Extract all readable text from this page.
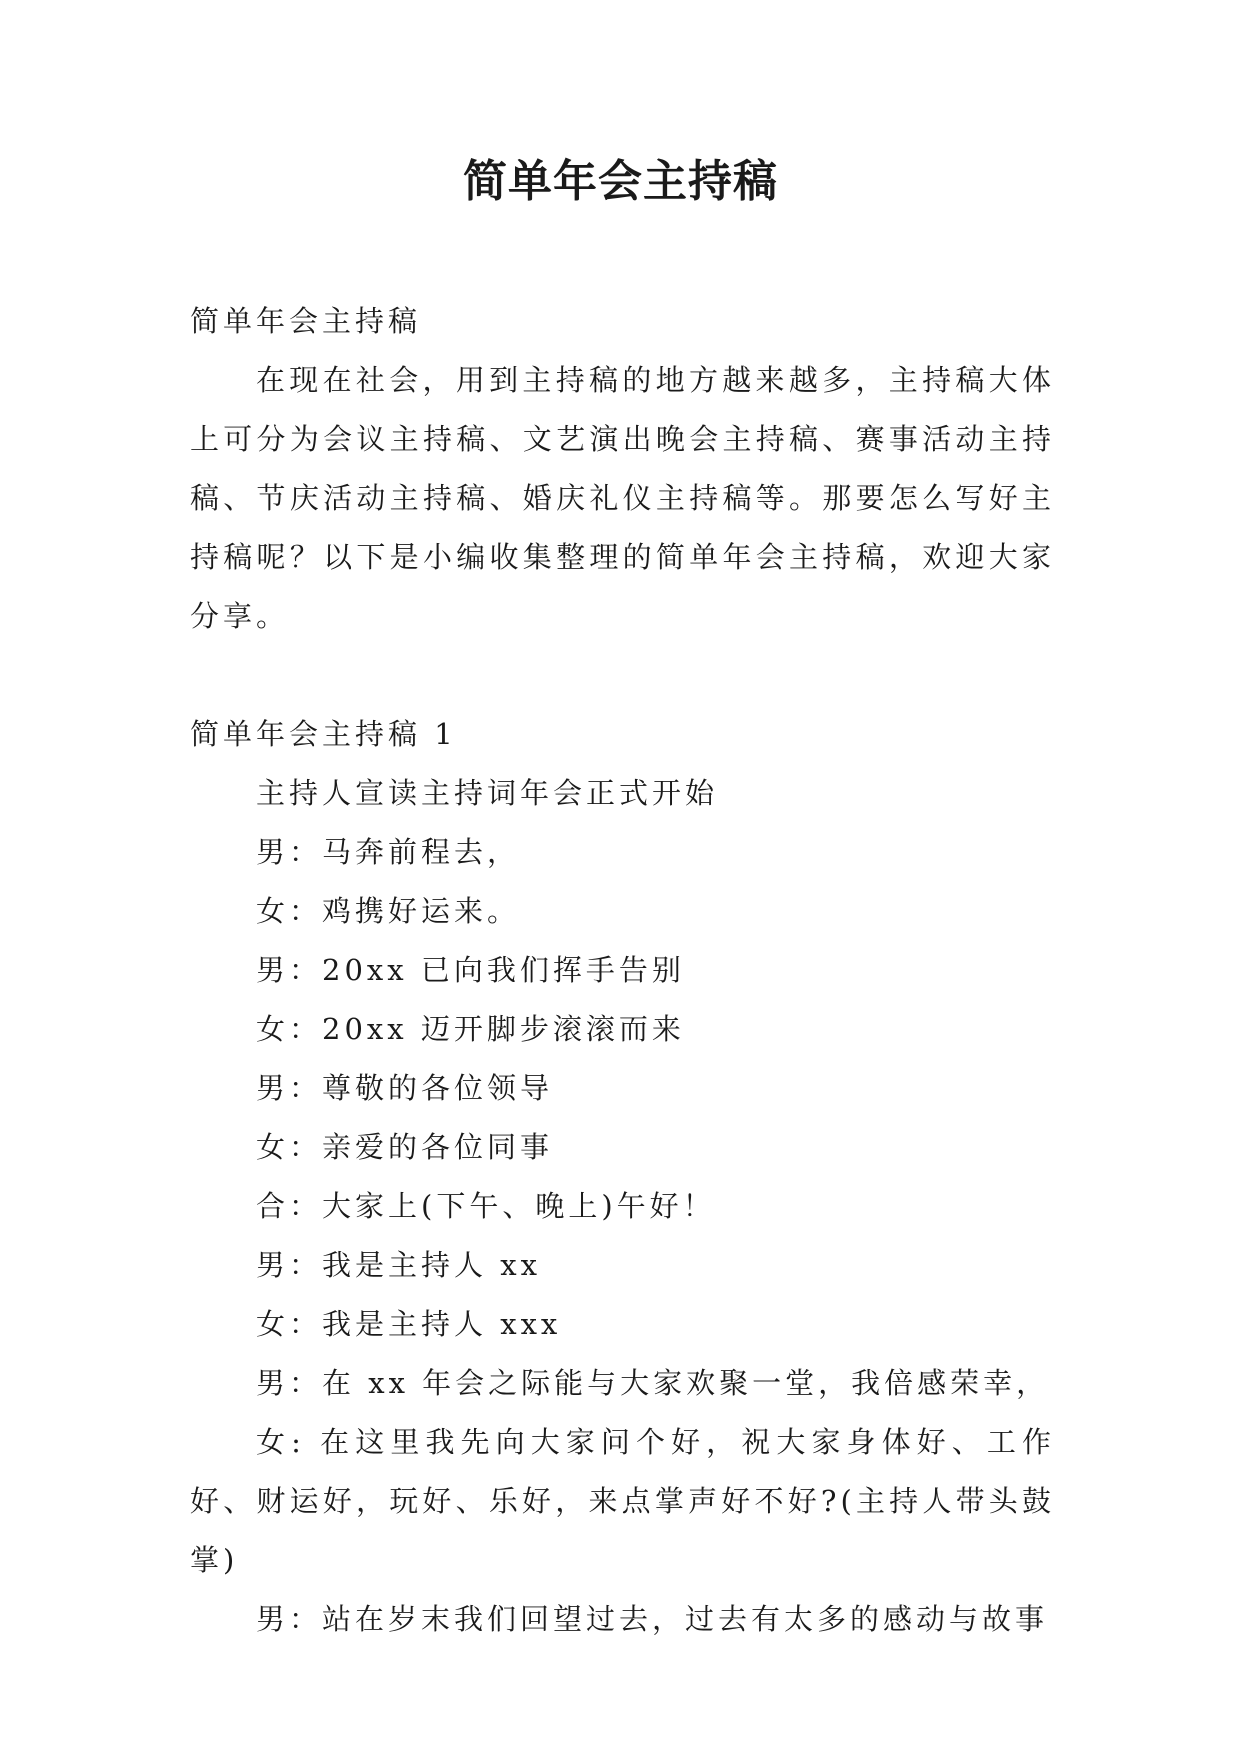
简单年会主持稿

简单年会主持稿

在现在社会，用到主持稿的地方越来越多，主持稿大体上可分为会议主持稿、文艺演出晚会主持稿、赛事活动主持稿、节庆活动主持稿、婚庆礼仪主持稿等。那要怎么写好主持稿呢？以下是小编收集整理的简单年会主持稿，欢迎大家分享。

简单年会主持稿 1

主持人宣读主持词年会正式开始

男：马奔前程去，

女：鸡携好运来。

男：20xx 已向我们挥手告别

女：20xx 迈开脚步滚滚而来

男：尊敬的各位领导

女：亲爱的各位同事

合：大家上(下午、晚上)午好！

男：我是主持人 xx

女：我是主持人 xxx

男：在 xx 年会之际能与大家欢聚一堂，我倍感荣幸，

女: 在这里我先向大家问个好，祝大家身体好、工作好、财运好，玩好、乐好，来点掌声好不好?(主持人带头鼓掌)

男：站在岁末我们回望过去，过去有太多的感动与故事
